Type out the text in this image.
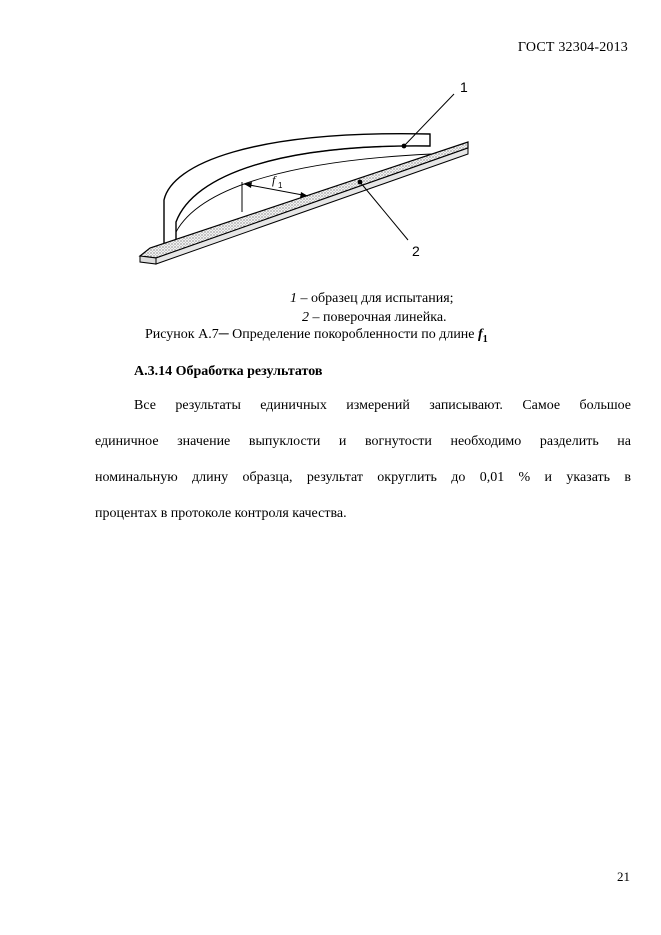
ГОСТ 32304-2013
f 1
1
2
1 – образец для испытания;
2 – поверочная линейка.
Рисунок А.7─ Определение покоробленности по длине $f_1$
А.3.14 Обработка результатов
Все результаты единичных измерений записывают. Самое большое
единичное значение выпуклости и вогнутости необходимо разделить на
номинальную длину образца, результат округлить до 0,01 % и указать в
процентах в протоколе контроля качества.
21
